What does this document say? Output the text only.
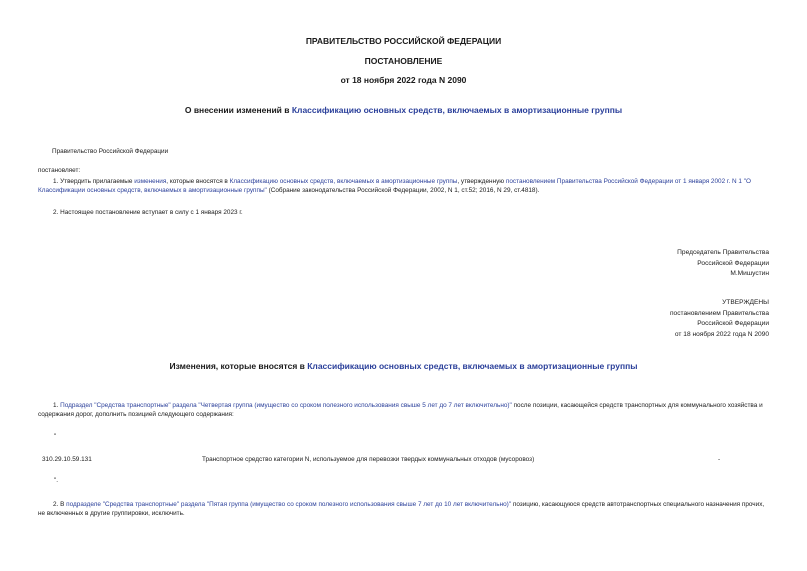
ПРАВИТЕЛЬСТВО РОССИЙСКОЙ ФЕДЕРАЦИИ
ПОСТАНОВЛЕНИЕ
от 18 ноября 2022 года N 2090
О внесении изменений в Классификацию основных средств, включаемых в амортизационные группы
Правительство Российской Федерации
постановляет:
1. Утвердить прилагаемые изменения, которые вносятся в Классификацию основных средств, включаемых в амортизационные группы, утвержденную постановлением Правительства Российской Федерации от 1 января 2002 г. N 1 "О Классификации основных средств, включаемых в амортизационные группы" (Собрание законодательства Российской Федерации, 2002, N 1, ст.52; 2016, N 29, ст.4818).
2. Настоящее постановление вступает в силу с 1 января 2023 г.
Председатель Правительства
Российской Федерации
М.Мишустин
УТВЕРЖДЕНЫ
постановлением Правительства
Российской Федерации
от 18 ноября 2022 года N 2090
Изменения, которые вносятся в Классификацию основных средств, включаемых в амортизационные группы
1. Подраздел "Средства транспортные" раздела "Четвертая группа (имущество со сроком полезного использования свыше 5 лет до 7 лет включительно)" после позиции, касающейся средств транспортных для коммунального хозяйства и содержания дорог, дополнить позицией следующего содержания:
"
310.29.10.59.131	Транспортное средство категории N, используемое для перевозки твердых коммунальных отходов (мусоровоз)	-
".
2. В подразделе "Средства транспортные" раздела "Пятая группа (имущество со сроком полезного использования свыше 7 лет до 10 лет включительно)" позицию, касающуюся средств автотранспортных специального назначения прочих, не включенных в другие группировки, исключить.
